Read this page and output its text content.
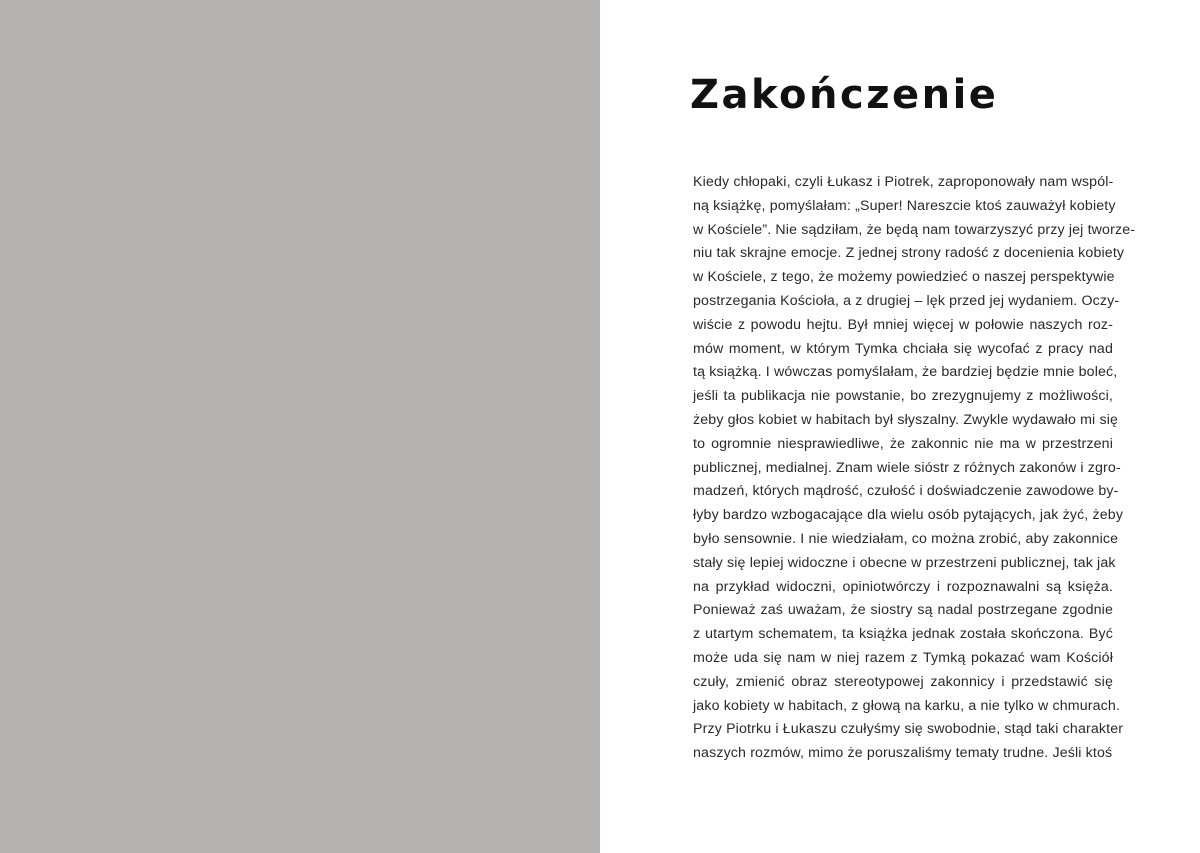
Zakończenie
Kiedy chłopaki, czyli Łukasz i Piotrek, zaproponowały nam wspól-
ną książkę, pomyślałam: „Super! Nareszcie ktoś zauważył kobiety
w Kościele”. Nie sądziłam, że będą nam towarzyszyć przy jej tworze-
niu tak skrajne emocje. Z jednej strony radość z docenienia kobiety
w Kościele, z tego, że możemy powiedzieć o naszej perspektywie
postrzegania Kościoła, a z drugiej – lęk przed jej wydaniem. Oczy-
wiście z powodu hejtu. Był mniej więcej w połowie naszych roz-
mów moment, w którym Tymka chciała się wycofać z pracy nad
tą książką. I wówczas pomyślałam, że bardziej będzie mnie boleć,
jeśli ta publikacja nie powstanie, bo zrezygnujemy z możliwości,
żeby głos kobiet w habitach był słyszalny. Zwykle wydawało mi się
to ogromnie niesprawiedliwe, że zakonnic nie ma w przestrzeni
publicznej, medialnej. Znam wiele sióstr z różnych zakonów i zgro-
madzeń, których mądrość, czułość i doświadczenie zawodowe by-
łyby bardzo wzbogacające dla wielu osób pytających, jak żyć, żeby
było sensownie. I nie wiedziałam, co można zrobić, aby zakonnice
stały się lepiej widoczne i obecne w przestrzeni publicznej, tak jak
na przykład widoczni, opiniotwórczy i rozpoznawalni są księża.
Ponieważ zaś uważam, że siostry są nadal postrzegane zgodnie
z utartym schematem, ta książka jednak została skończona. Być
może uda się nam w niej razem z Tymką pokazać wam Kościół
czuły, zmienić obraz stereotypowej zakonnicy i przedstawić się
jako kobiety w habitach, z głową na karku, a nie tylko w chmurach.
Przy Piotrku i Łukaszu czułyśmy się swobodnie, stąd taki charakter
naszych rozmów, mimo że poruszaliśmy tematy trudne. Jeśli ktoś
